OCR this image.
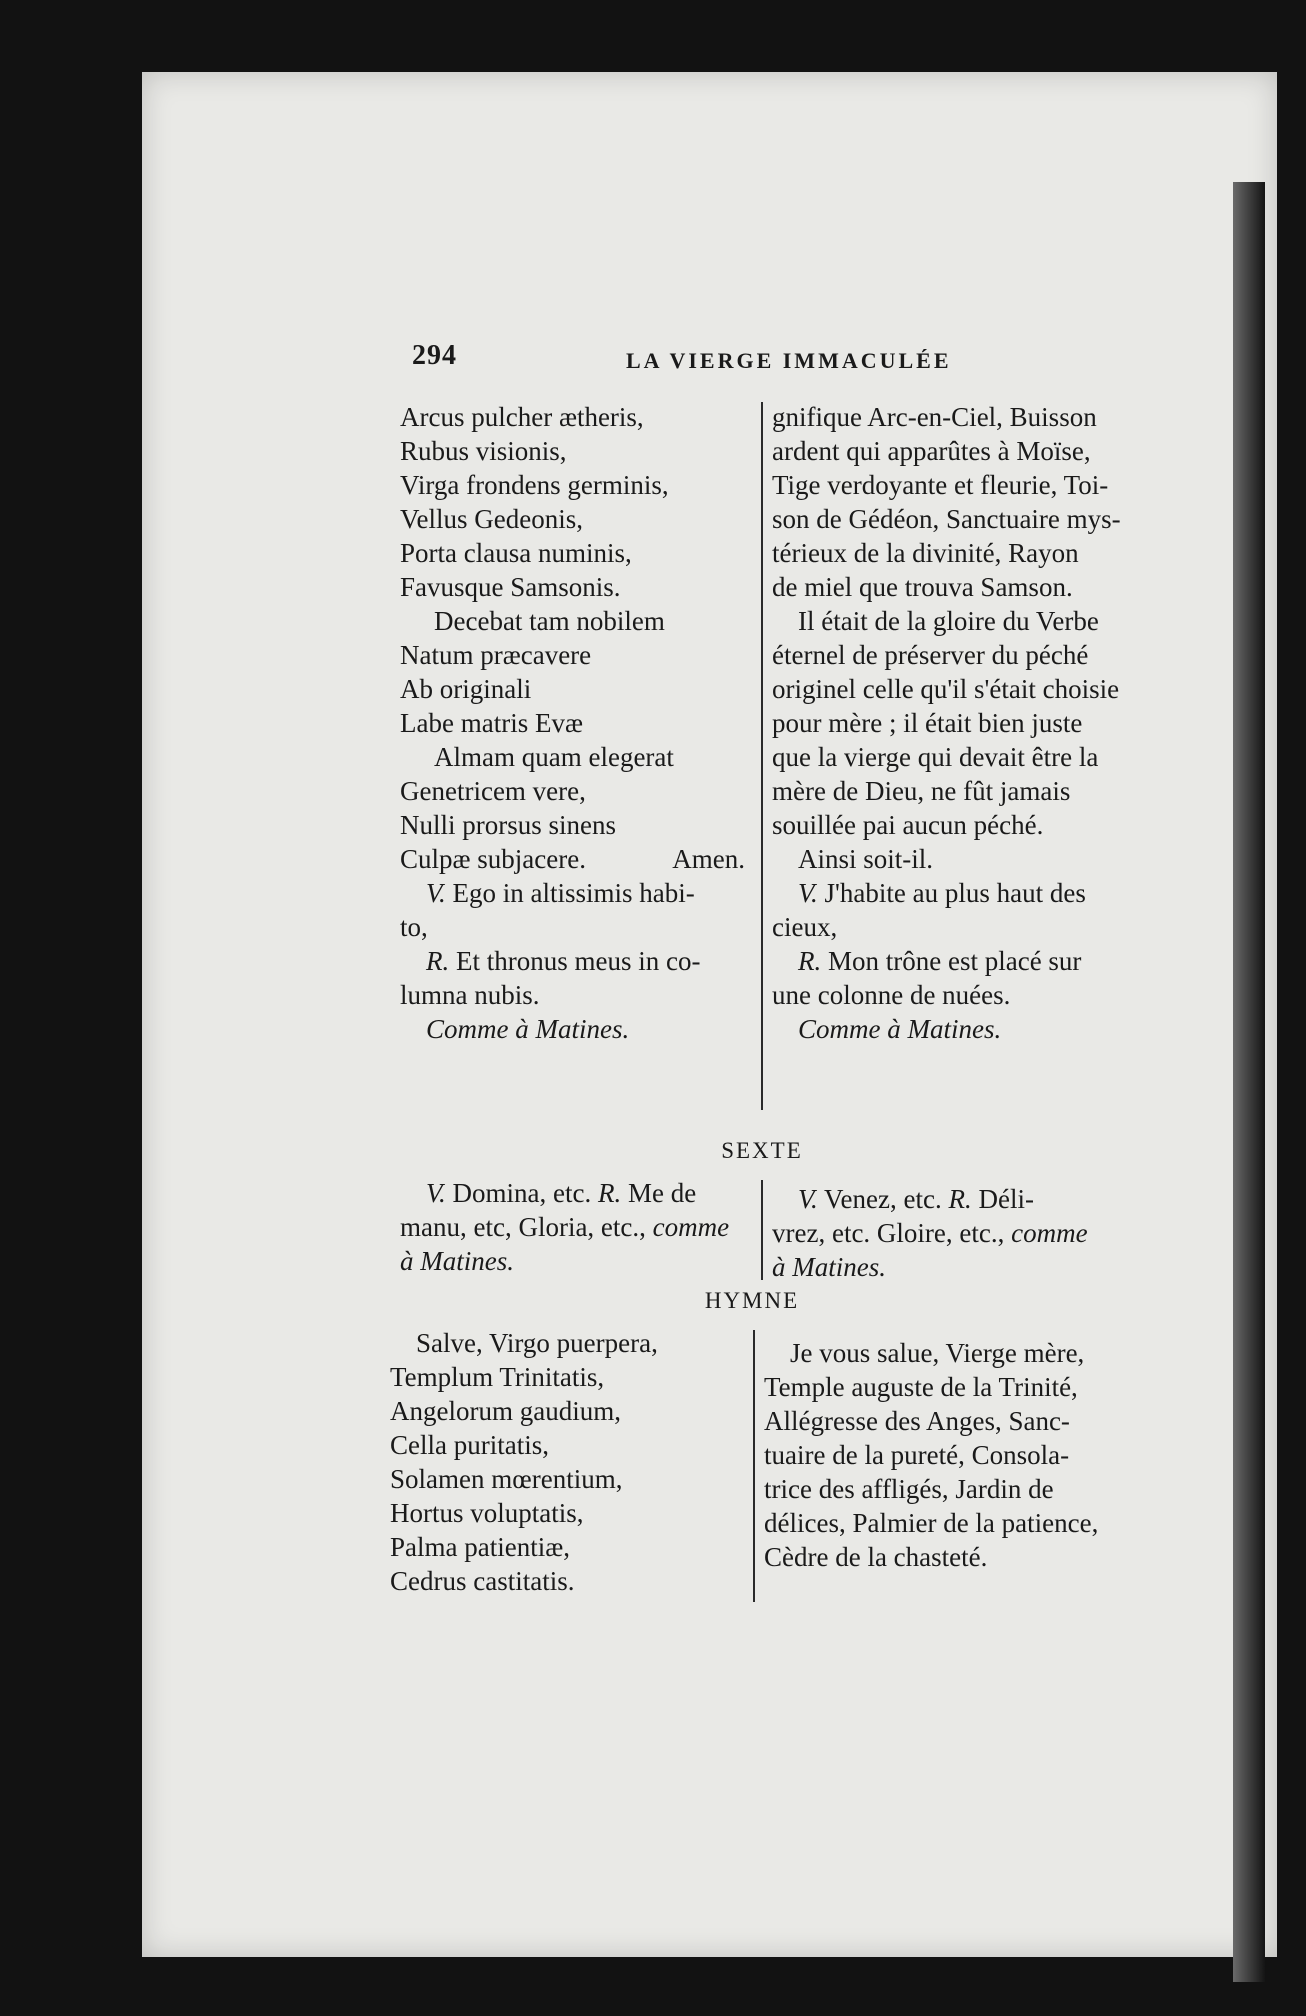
294	LA VIERGE IMMACULÉE
Arcus pulcher ætheris,
Rubus visionis,
Virga frondens germinis,
Vellus Gedeonis,
Porta clausa numinis,
Favusque Samsonis.
Decebat tam nobilem
Natum præcavere
Ab originali
Labe matris Evæ
Almam quam elegerat
Genetricem vere,
Nulli prorsus sinens
Culpæ subjacere.	Amen.
V. Ego in altissimis habi-
to,
R. Et thronus meus in co-
lumna nubis.
Comme à Matines.
gnifique Arc-en-Ciel, Buisson
ardent qui apparûtes à Moïse,
Tige verdoyante et fleurie, Toi-
son de Gédéon, Sanctuaire mys-
térieux de la divinité, Rayon
de miel que trouva Samson.
Il était de la gloire du Verbe
éternel de préserver du péché
originel celle qu'il s'était choisie
pour mère ; il était bien juste
que la vierge qui devait être la
mère de Dieu, ne fût jamais
souillée pai aucun péché.
Ainsi soit-il.
V. J'habite au plus haut des
cieux,
R. Mon trône est placé sur
une colonne de nuées.
Comme à Matines.
SEXTE
V. Domina, etc. R. Me de
manu, etc, Gloria, etc., comme
à Matines.
V. Venez, etc. R. Déli-
vrez, etc. Gloire, etc., comme
à Matines.
HYMNE
Salve, Virgo puerpera,
Templum Trinitatis,
Angelorum gaudium,
Cella puritatis,
Solamen mœrentium,
Hortus voluptatis,
Palma patientiæ,
Cedrus castitatis.
Je vous salue, Vierge mère,
Temple auguste de la Trinité,
Allégresse des Anges, Sanc-
tuaire de la pureté, Consola-
trice des affligés, Jardin de
délices, Palmier de la patience,
Cèdre de la chasteté.
